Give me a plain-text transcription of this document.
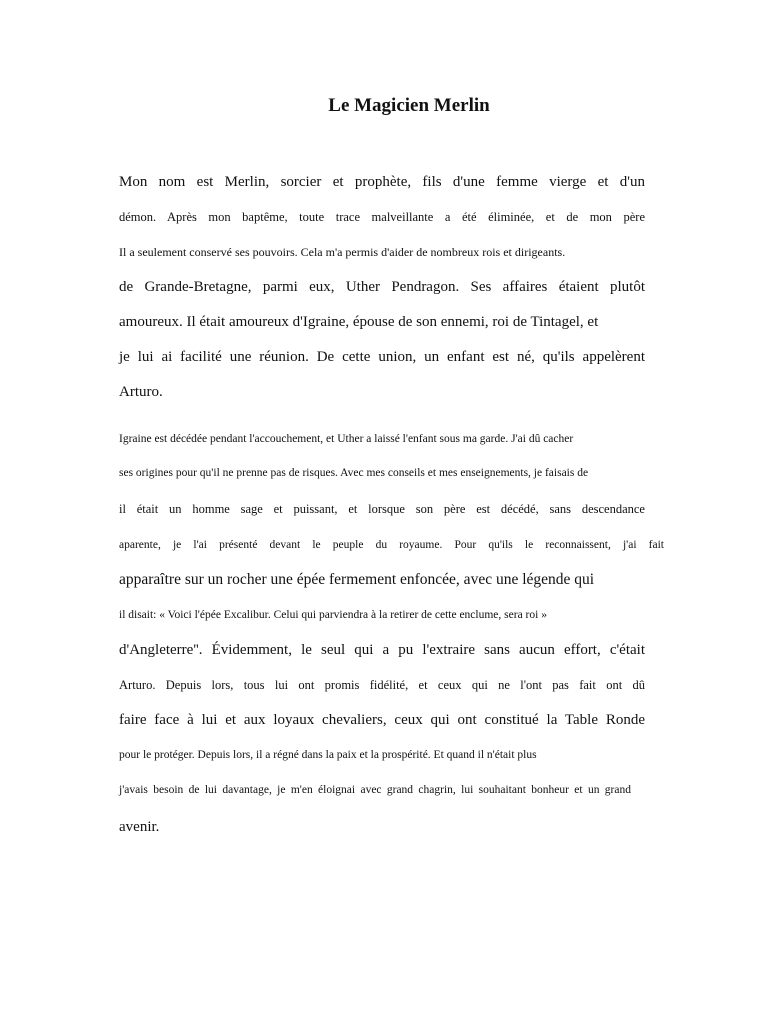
Le Magicien Merlin

Mon nom est Merlin, sorcier et prophète, fils d'une femme vierge et d'un

démon. Après mon baptême, toute trace malveillante a été éliminée, et de mon père

Il a seulement conservé ses pouvoirs. Cela m'a permis d'aider de nombreux rois et dirigeants.

de Grande-Bretagne, parmi eux, Uther Pendragon. Ses affaires étaient plutôt

amoureux. Il était amoureux d'Igraine, épouse de son ennemi, roi de Tintagel, et

je lui ai facilité une réunion. De cette union, un enfant est né, qu'ils appelèrent

Arturo.

Igraine est décédée pendant l'accouchement, et Uther a laissé l'enfant sous ma garde. J'ai dû cacher

ses origines pour qu'il ne prenne pas de risques. Avec mes conseils et mes enseignements, je faisais de

il était un homme sage et puissant, et lorsque son père est décédé, sans descendance

aparente, je l'ai présenté devant le peuple du royaume. Pour qu'ils le reconnaissent, j'ai fait

apparaître sur un rocher une épée fermement enfoncée, avec une légende qui

il disait: « Voici l'épée Excalibur. Celui qui parviendra à la retirer de cette enclume, sera roi »

d'Angleterre''. Évidemment, le seul qui a pu l'extraire sans aucun effort, c'était

Arturo. Depuis lors, tous lui ont promis fidélité, et ceux qui ne l'ont pas fait ont dû

faire face à lui et aux loyaux chevaliers, ceux qui ont constitué la Table Ronde

pour le protéger. Depuis lors, il a régné dans la paix et la prospérité. Et quand il n'était plus

j'avais besoin de lui davantage, je m'en éloignai avec grand chagrin, lui souhaitant bonheur et un grand

avenir.
